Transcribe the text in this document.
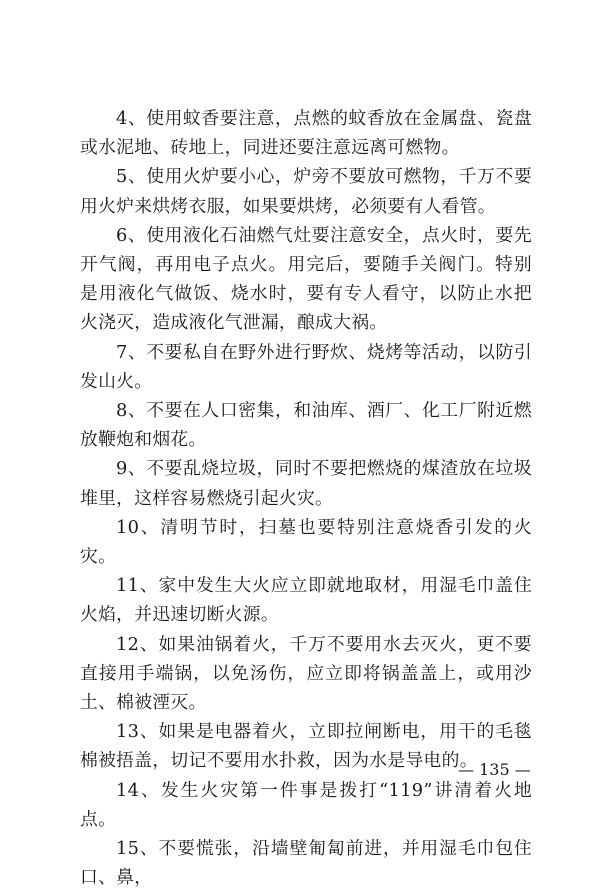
4、使用蚊香要注意，点燃的蚊香放在金属盘、瓷盘或水泥地、砖地上，同进还要注意远离可燃物。

5、使用火炉要小心，炉旁不要放可燃物，千万不要用火炉来烘烤衣服，如果要烘烤，必须要有人看管。

6、使用液化石油燃气灶要注意安全，点火时，要先开气阀，再用电子点火。用完后，要随手关阀门。特别是用液化气做饭、烧水时，要有专人看守，以防止水把火浇灭，造成液化气泄漏，酿成大祸。

7、不要私自在野外进行野炊、烧烤等活动，以防引发山火。

8、不要在人口密集，和油库、酒厂、化工厂附近燃放鞭炮和烟花。

9、不要乱烧垃圾，同时不要把燃烧的煤渣放在垃圾堆里，这样容易燃烧引起火灾。

10、清明节时，扫墓也要特别注意烧香引发的火灾。

11、家中发生大火应立即就地取材，用湿毛巾盖住火焰，并迅速切断火源。

12、如果油锅着火，千万不要用水去灭火，更不要直接用手端锅，以免汤伤，应立即将锅盖盖上，或用沙土、棉被湮灭。

13、如果是电器着火，立即拉闸断电，用干的毛毯棉被捂盖，切记不要用水扑救，因为水是导电的。

14、发生火灾第一件事是拨打“119”讲清着火地点。

15、不要慌张，沿墙壁匍匐前进，并用湿毛巾包住口、鼻，

— 135 —
